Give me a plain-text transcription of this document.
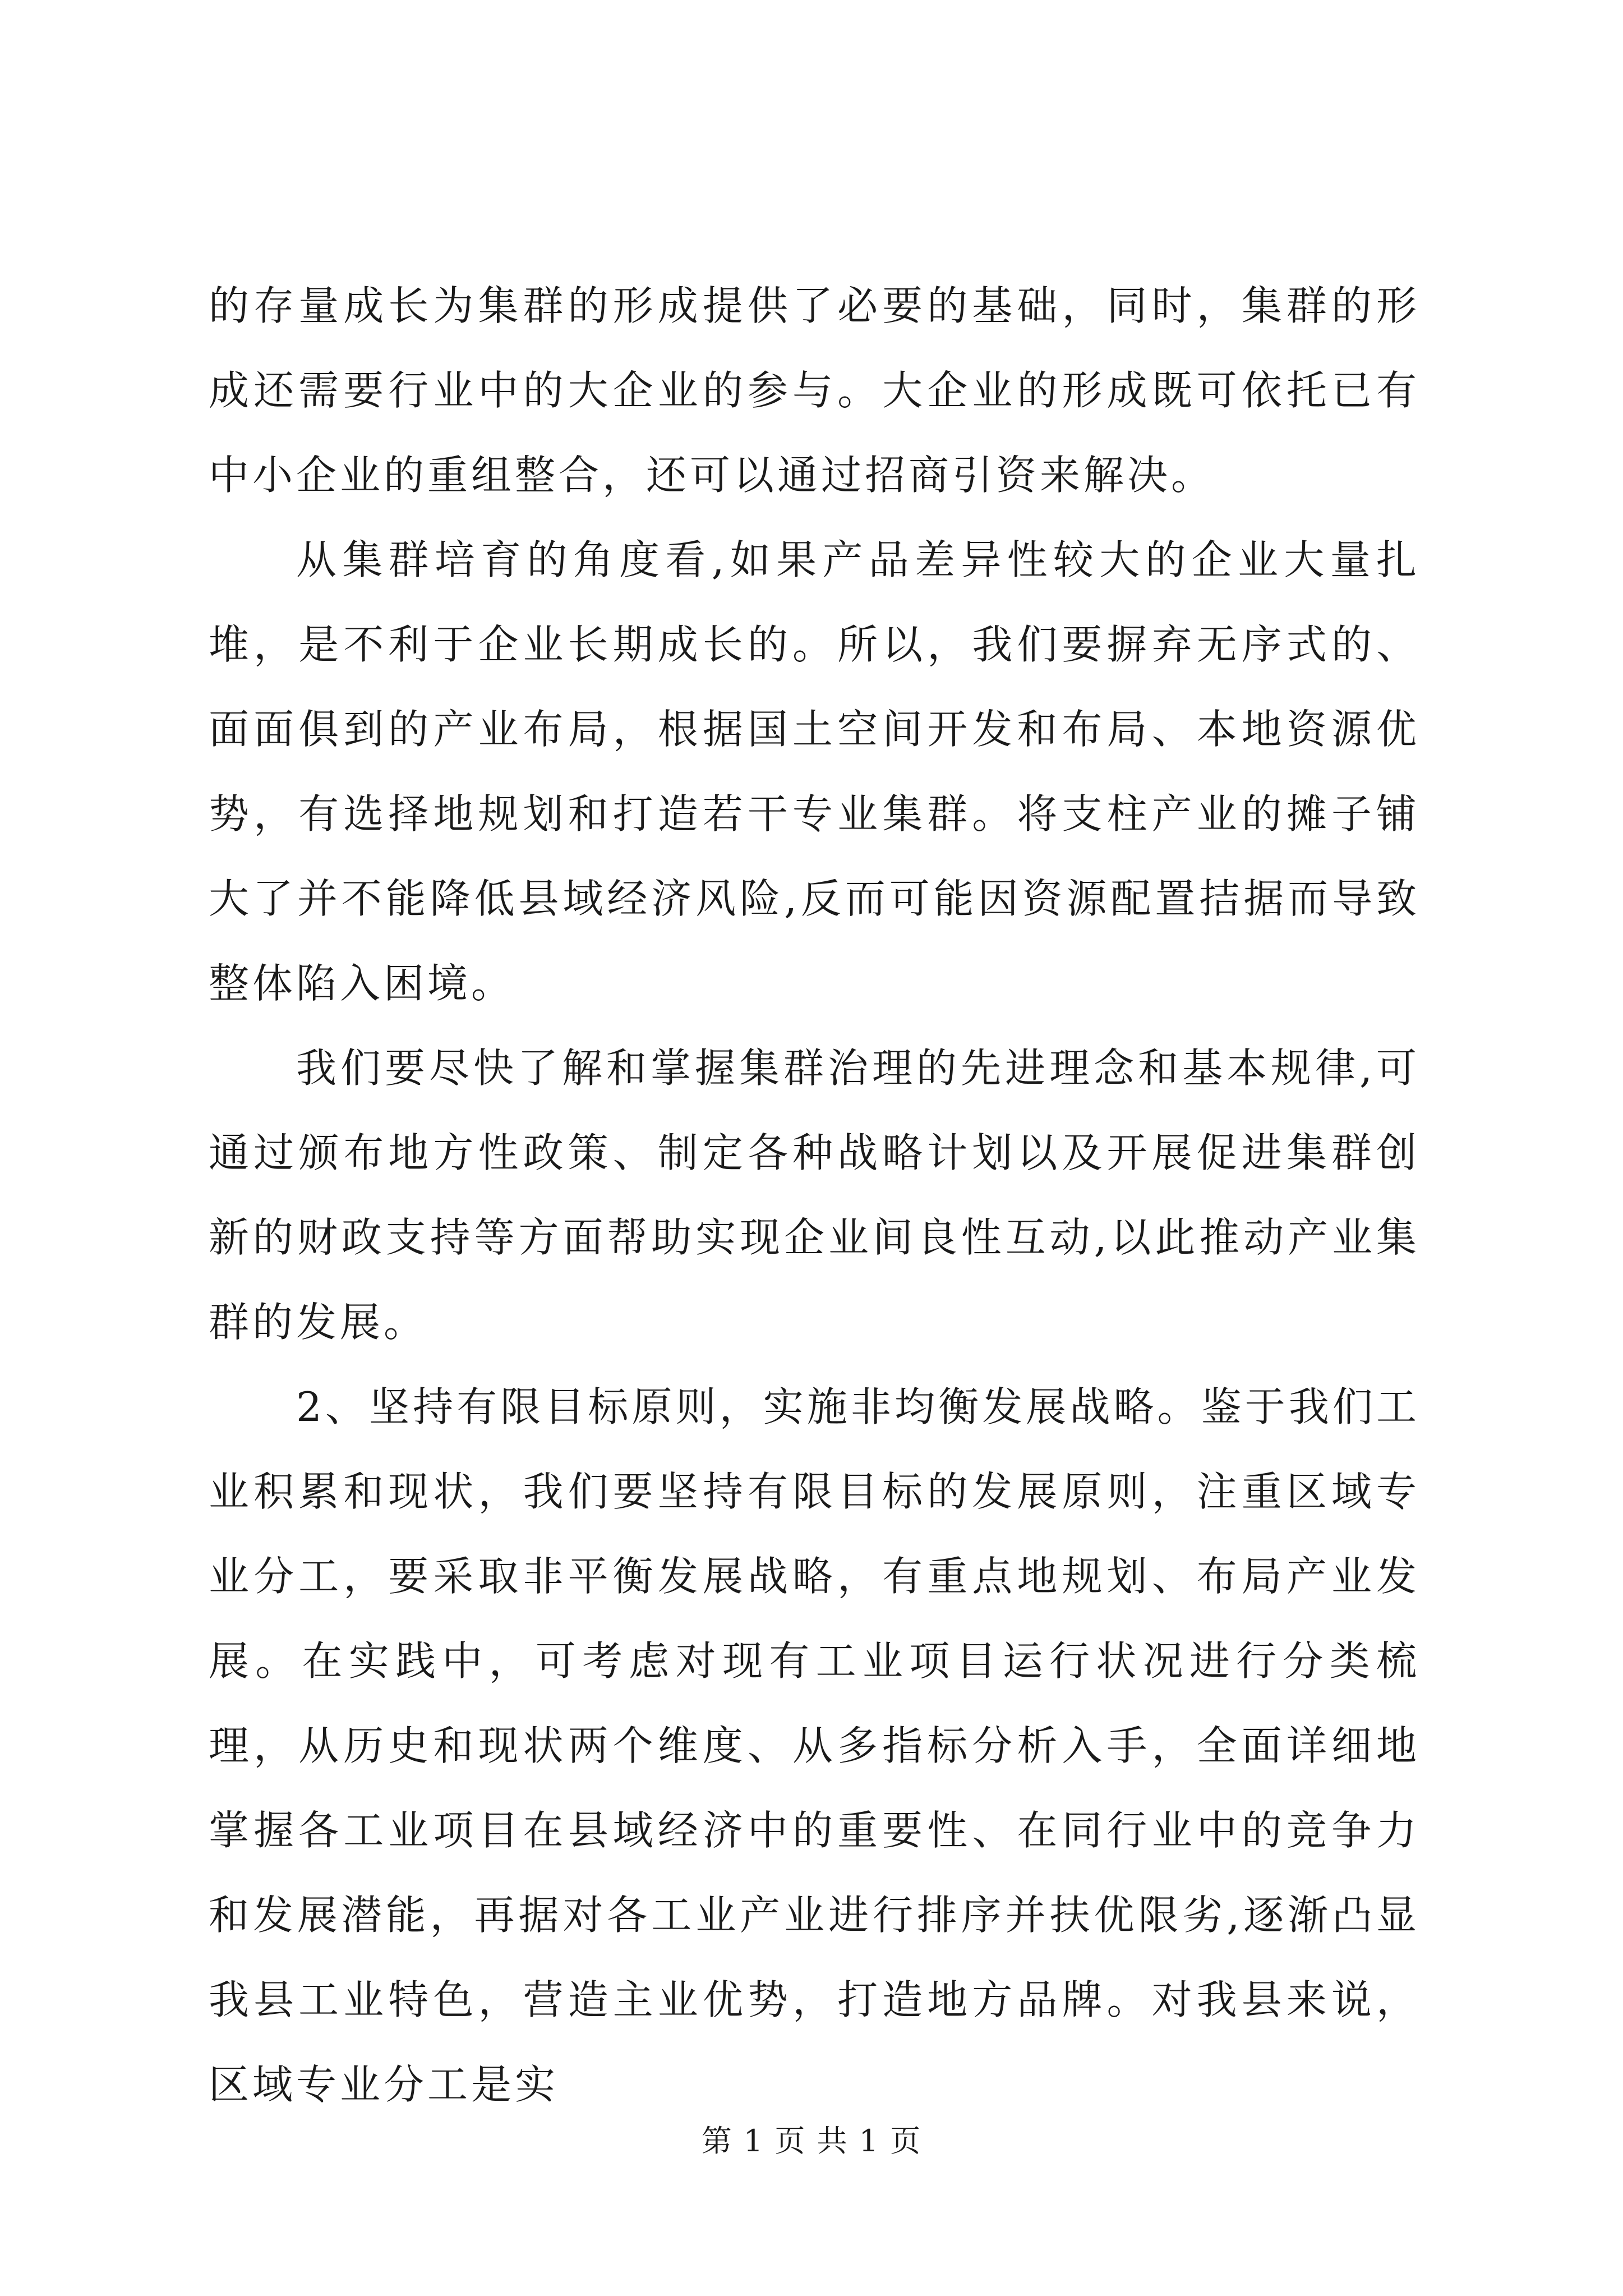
的存量成长为集群的形成提供了必要的基础，同时，集群的形成还需要行业中的大企业的参与。大企业的形成既可依托已有中小企业的重组整合，还可以通过招商引资来解决。

从集群培育的角度看,如果产品差异性较大的企业大量扎堆，是不利于企业长期成长的。所以，我们要摒弃无序式的、面面俱到的产业布局，根据国土空间开发和布局、本地资源优势，有选择地规划和打造若干专业集群。将支柱产业的摊子铺大了并不能降低县域经济风险,反而可能因资源配置拮据而导致整体陷入困境。

我们要尽快了解和掌握集群治理的先进理念和基本规律,可通过颁布地方性政策、制定各种战略计划以及开展促进集群创新的财政支持等方面帮助实现企业间良性互动,以此推动产业集群的发展。

2、坚持有限目标原则，实施非均衡发展战略。鉴于我们工业积累和现状，我们要坚持有限目标的发展原则，注重区域专业分工，要采取非平衡发展战略，有重点地规划、布局产业发展。在实践中，可考虑对现有工业项目运行状况进行分类梳理，从历史和现状两个维度、从多指标分析入手，全面详细地掌握各工业项目在县域经济中的重要性、在同行业中的竞争力和发展潜能，再据对各工业产业进行排序并扶优限劣,逐渐凸显我县工业特色，营造主业优势，打造地方品牌。对我县来说，区域专业分工是实

第 1 页 共 1 页
